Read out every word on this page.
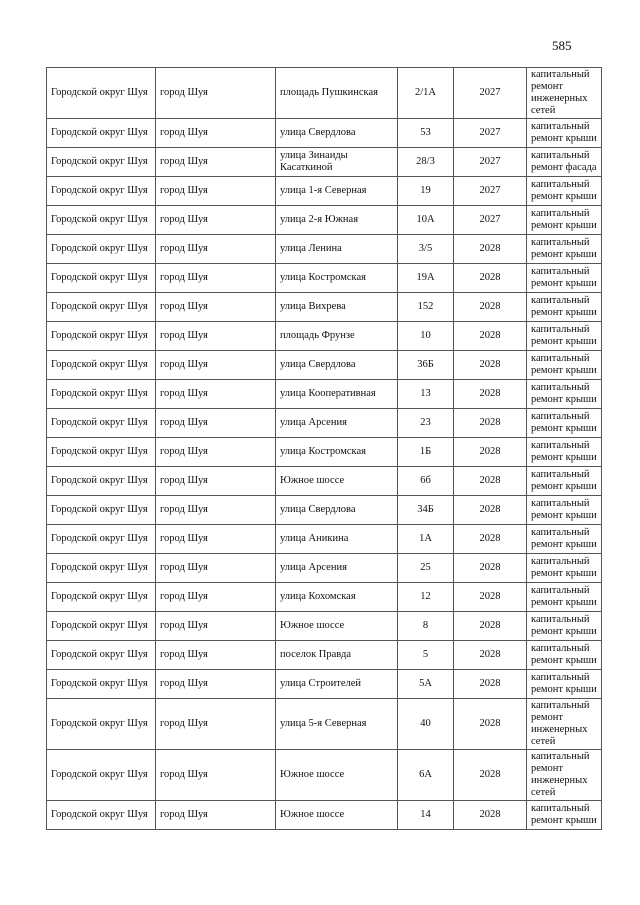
585
Городской округ Шуя	город Шуя	площадь Пушкинская	2/1А	2027	капитальный ремонт инженерных сетей
Городской округ Шуя	город Шуя	улица Свердлова	53	2027	капитальный ремонт крыши
Городской округ Шуя	город Шуя	улица Зинаиды Касаткиной	28/3	2027	капитальный ремонт фасада
Городской округ Шуя	город Шуя	улица 1-я Северная	19	2027	капитальный ремонт крыши
Городской округ Шуя	город Шуя	улица 2-я Южная	10А	2027	капитальный ремонт крыши
Городской округ Шуя	город Шуя	улица Ленина	3/5	2028	капитальный ремонт крыши
Городской округ Шуя	город Шуя	улица Костромская	19А	2028	капитальный ремонт крыши
Городской округ Шуя	город Шуя	улица Вихрева	152	2028	капитальный ремонт крыши
Городской округ Шуя	город Шуя	площадь Фрунзе	10	2028	капитальный ремонт крыши
Городской округ Шуя	город Шуя	улица Свердлова	36Б	2028	капитальный ремонт крыши
Городской округ Шуя	город Шуя	улица Кооперативная	13	2028	капитальный ремонт крыши
Городской округ Шуя	город Шуя	улица Арсения	23	2028	капитальный ремонт крыши
Городской округ Шуя	город Шуя	улица Костромская	1Б	2028	капитальный ремонт крыши
Городской округ Шуя	город Шуя	Южное шоссе	6б	2028	капитальный ремонт крыши
Городской округ Шуя	город Шуя	улица Свердлова	34Б	2028	капитальный ремонт крыши
Городской округ Шуя	город Шуя	улица Аникина	1А	2028	капитальный ремонт крыши
Городской округ Шуя	город Шуя	улица Арсения	25	2028	капитальный ремонт крыши
Городской округ Шуя	город Шуя	улица Кохомская	12	2028	капитальный ремонт крыши
Городской округ Шуя	город Шуя	Южное шоссе	8	2028	капитальный ремонт крыши
Городской округ Шуя	город Шуя	поселок Правда	5	2028	капитальный ремонт крыши
Городской округ Шуя	город Шуя	улица Строителей	5А	2028	капитальный ремонт крыши
Городской округ Шуя	город Шуя	улица 5-я Северная	40	2028	капитальный ремонт инженерных сетей
Городской округ Шуя	город Шуя	Южное шоссе	6А	2028	капитальный ремонт инженерных сетей
Городской округ Шуя	город Шуя	Южное шоссе	14	2028	капитальный ремонт крыши
